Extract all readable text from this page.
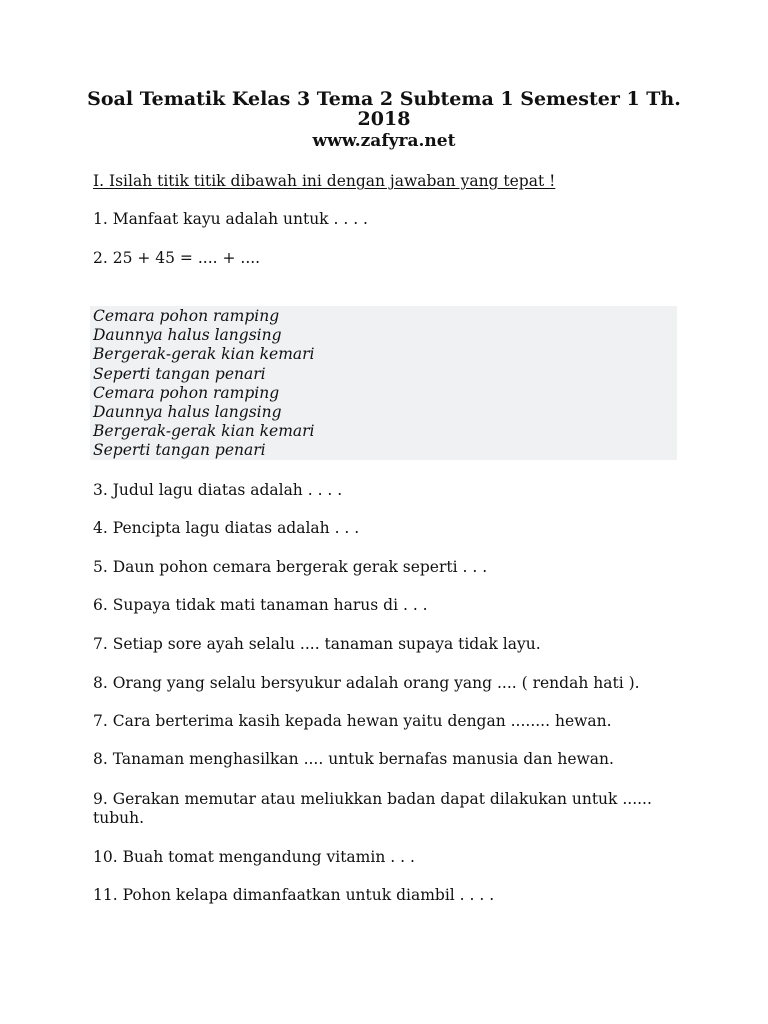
Soal Tematik Kelas 3 Tema 2 Subtema 1 Semester 1 Th.
2018
www.zafyra.net
I. Isilah titik titik dibawah ini dengan jawaban yang tepat !
1. Manfaat kayu adalah untuk . . . .
2. 25 + 45 = .... + ....
Cemara pohon ramping
Daunnya halus langsing
Bergerak-gerak kian kemari
Seperti tangan penari
Cemara pohon ramping
Daunnya halus langsing
Bergerak-gerak kian kemari
Seperti tangan penari
3. Judul lagu diatas adalah . . . .
4. Pencipta lagu diatas adalah . . .
5. Daun pohon cemara bergerak gerak seperti . . .
6. Supaya tidak mati tanaman harus di . . .
7. Setiap sore ayah selalu .... tanaman supaya tidak layu.
8. Orang yang selalu bersyukur adalah orang yang .... ( rendah hati ).
7. Cara berterima kasih kepada hewan yaitu dengan ........ hewan.
8. Tanaman menghasilkan .... untuk bernafas manusia dan hewan.
9. Gerakan memutar atau meliukkan badan dapat dilakukan untuk ......
tubuh.
10. Buah tomat mengandung vitamin . . .
11. Pohon kelapa dimanfaatkan untuk diambil . . . .
